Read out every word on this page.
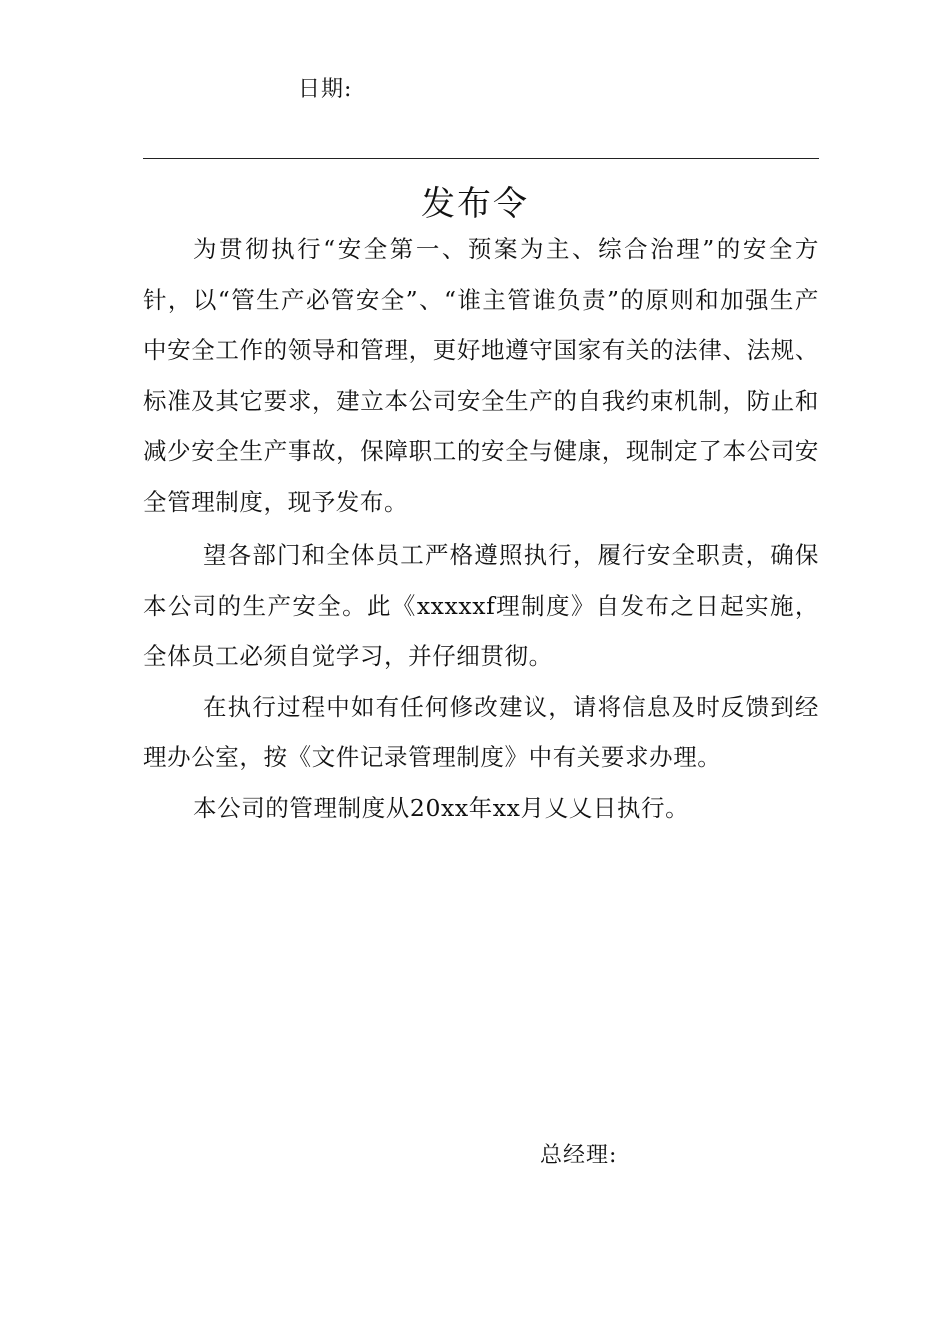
日期:
发布令

为贯彻执行“安全第一、预案为主、综合治理”的安全方针，以“管生产必管安全”、“谁主管谁负责”的原则和加强生产中安全工作的领导和管理，更好地遵守国家有关的法律、法规、标准及其它要求，建立本公司安全生产的自我约束机制，防止和减少安全生产事故，保障职工的安全与健康，现制定了本公司安全管理制度，现予发布。

望各部门和全体员工严格遵照执行，履行安全职责，确保本公司的生产安全。此《xxxxxf理制度》自发布之日起实施，全体员工必须自觉学习，并仔细贯彻。

在执行过程中如有任何修改建议，请将信息及时反馈到经理办公室，按《文件记录管理制度》中有关要求办理。

本公司的管理制度从20xx年xx月乂乂日执行。

总经理:
